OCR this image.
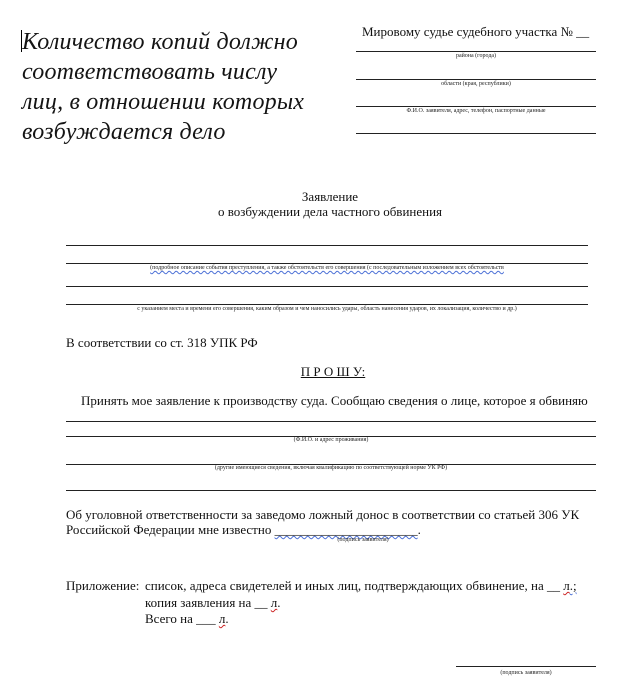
Количество копий должно
соответствовать числу
лиц, в отношении которых
возбуждается дело
Мировому судье судебного участка № __
района (города)
области (края, республики)
Ф.И.О. заявителя, адрес, телефон, паспортные данные
Заявление
о возбуждении дела частного обвинения
(подробное описание события преступления, а также обстоятельств его совершения (с последовательным изложением всех обстоятельств
с указанием места и времени его совершения, каким образом и чем наносились удары, область нанесения ударов, их локализация, количество и др.)
В соответствии со ст. 318 УПК РФ
П Р О Ш У:
Принять мое заявление к производству суда. Сообщаю сведения о лице, которое я обвиняю
(Ф.И.О. и адрес проживания)
(другие имеющиеся сведения, включая квалификацию по соответствующей норме УК РФ)
Об уголовной ответственности за заведомо ложный донос в соответствии со статьей 306 УК
Российской Федерации мне известно ______________________.
(подпись заявителя)
Приложение: список, адреса свидетелей и иных лиц, подтверждающих обвинение, на __ л.;
копия заявления на __ л.
Всего на ___ л.
(подпись заявителя)
